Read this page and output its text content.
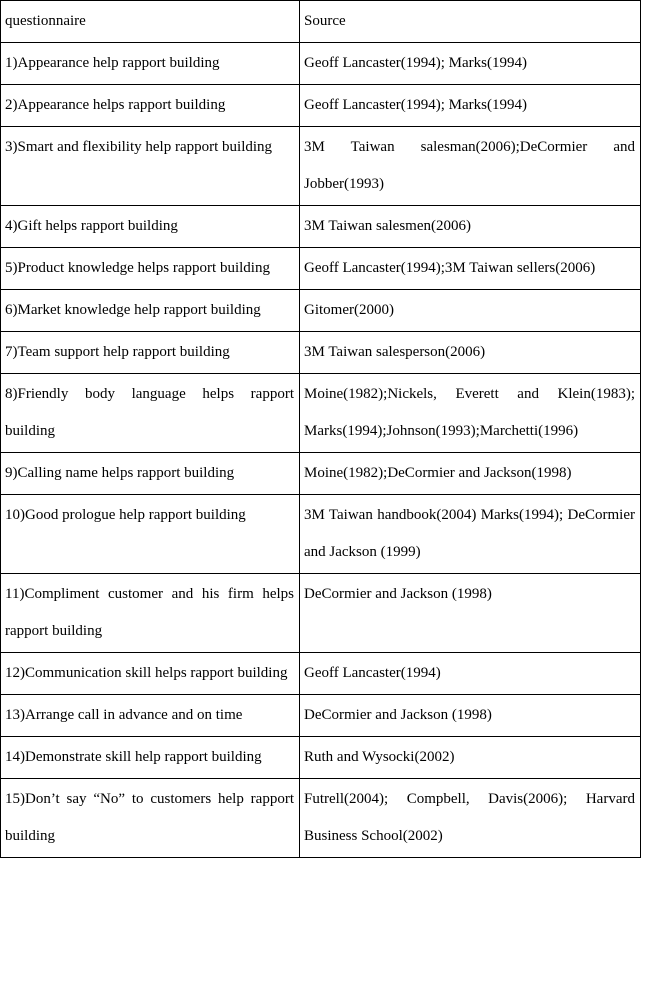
questionnaire	Source
1)Appearance help rapport building	Geoff Lancaster(1994); Marks(1994)
2)Appearance helps rapport building	Geoff Lancaster(1994); Marks(1994)
3)Smart and flexibility help rapport building	3M Taiwan salesman(2006);DeCormier and Jobber(1993)
4)Gift helps rapport building	3M Taiwan salesmen(2006)
5)Product knowledge helps rapport building	Geoff Lancaster(1994);3M Taiwan sellers(2006)
6)Market knowledge help rapport building	Gitomer(2000)
7)Team support help rapport building	3M Taiwan salesperson(2006)
8)Friendly body language helps rapport building	Moine(1982);Nickels, Everett and Klein(1983); Marks(1994);Johnson(1993);Marchetti(1996)
9)Calling name helps rapport building	Moine(1982);DeCormier and Jackson(1998)
10)Good prologue help rapport building	3M Taiwan handbook(2004) Marks(1994); DeCormier and Jackson (1999)
11)Compliment customer and his firm helps rapport building	DeCormier and Jackson (1998)
12)Communication skill helps rapport building	Geoff Lancaster(1994)
13)Arrange call in advance and on time	DeCormier and Jackson (1998)
14)Demonstrate skill help rapport building	Ruth and Wysocki(2002)
15)Don’t say “No” to customers help rapport building	Futrell(2004); Compbell, Davis(2006); Harvard Business School(2002)
